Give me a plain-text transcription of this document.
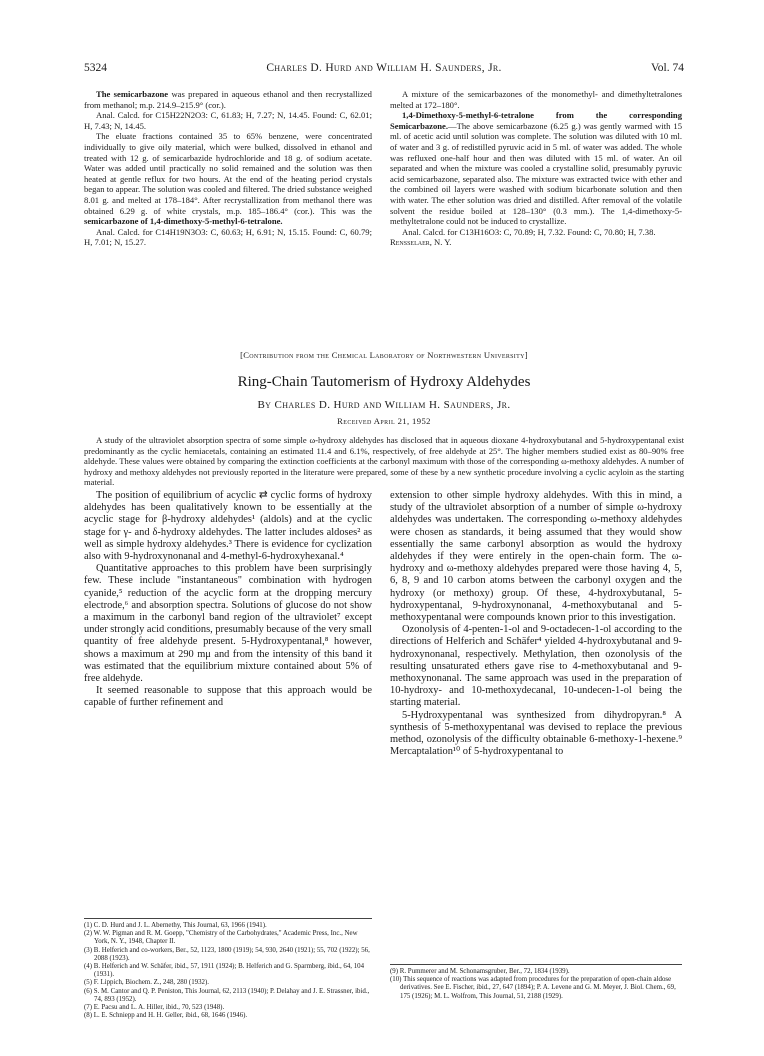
5324	Charles D. Hurd and William H. Saunders, Jr.	Vol. 74

The semicarbazone was prepared in aqueous ethanol and then recrystallized from methanol; m.p. 214.9–215.9° (cor.).

Anal. Calcd. for C15H22N2O3: C, 61.83; H, 7.27; N, 14.45. Found: C, 62.01; H, 7.43; N, 14.45.

The eluate fractions contained 35 to 65% benzene, were concentrated individually to give oily material, which were bulked, dissolved in ethanol and treated with 12 g. of semicarbazide hydrochloride and 18 g. of sodium acetate. Water was added until practically no solid remained and the solution was then heated at gentle reflux for two hours. At the end of the heating period crystals began to appear. The solution was cooled and filtered. The dried substance weighed 8.01 g. and melted at 178–184°. After recrystallization from methanol there was obtained 6.29 g. of white crystals, m.p. 185–186.4° (cor.). This was the semicarbazone of 1,4-dimethoxy-5-methyl-6-tetralone.

Anal. Calcd. for C14H19N3O3: C, 60.63; H, 6.91; N, 15.15. Found: C, 60.79; H, 7.01; N, 15.27.

A mixture of the semicarbazones of the monomethyl- and dimethyltetralones melted at 172–180°.

1,4-Dimethoxy-5-methyl-6-tetralone from the corresponding Semicarbazone.—The above semicarbazone (6.25 g.) was gently warmed with 15 ml. of acetic acid until solution was complete. The solution was diluted with 10 ml. of water and 3 g. of redistilled pyruvic acid in 5 ml. of water was added. The whole was refluxed one-half hour and then was diluted with 15 ml. of water. An oil separated and when the mixture was cooled a crystalline solid, presumably pyruvic acid semicarbazone, separated also. The mixture was extracted twice with ether and the combined oil layers were washed with sodium bicarbonate solution and then with water. The ether solution was dried and distilled. After removal of the volatile solvent the residue boiled at 128–130° (0.3 mm.). The 1,4-dimethoxy-5-methyltetralone could not be induced to crystallize.

Anal. Calcd. for C13H16O3: C, 70.89; H, 7.32. Found: C, 70.80; H, 7.38.

Rensselaer, N. Y.

[Contribution from the Chemical Laboratory of Northwestern University]
Ring-Chain Tautomerism of Hydroxy Aldehydes
By Charles D. Hurd and William H. Saunders, Jr.
Received April 21, 1952
A study of the ultraviolet absorption spectra of some simple ω-hydroxy aldehydes has disclosed that in aqueous dioxane 4-hydroxybutanal and 5-hydroxypentanal exist predominantly as the cyclic hemiacetals, containing an estimated 11.4 and 6.1%, respectively, of free aldehyde at 25°. The higher members studied exist as 80–90% free aldehyde. These values were obtained by comparing the extinction coefficients at the carbonyl maximum with those of the corresponding ω-methoxy aldehydes. A number of hydroxy and methoxy aldehydes not previously reported in the literature were prepared, some of these by a new synthetic procedure involving a cyclic acyloin as the starting material.

The position of equilibrium of acyclic ⇄ cyclic forms of hydroxy aldehydes has been qualitatively known to be essentially at the acyclic stage for β-hydroxy aldehydes¹ (aldols) and at the cyclic stage for γ- and δ-hydroxy aldehydes. The latter includes aldoses² as well as simple hydroxy aldehydes.³ There is evidence for cyclization also with 9-hydroxynonanal and 4-methyl-6-hydroxyhexanal.⁴

Quantitative approaches to this problem have been surprisingly few. These include "instantaneous" combination with hydrogen cyanide,⁵ reduction of the acyclic form at the dropping mercury electrode,⁶ and absorption spectra. Solutions of glucose do not show a maximum in the carbonyl band region of the ultraviolet⁷ except under strongly acid conditions, presumably because of the very small quantity of free aldehyde present. 5-Hydroxypentanal,⁸ however, shows a maximum at 290 mμ and from the intensity of this band it was estimated that the equilibrium mixture contained about 5% of free aldehyde.

It seemed reasonable to suppose that this approach would be capable of further refinement and

extension to other simple hydroxy aldehydes. With this in mind, a study of the ultraviolet absorption of a number of simple ω-hydroxy aldehydes was undertaken. The corresponding ω-methoxy aldehydes were chosen as standards, it being assumed that they would show essentially the same carbonyl absorption as would the hydroxy aldehydes if they were entirely in the open-chain form. The ω-hydroxy and ω-methoxy aldehydes prepared were those having 4, 5, 6, 8, 9 and 10 carbon atoms between the carbonyl oxygen and the hydroxy (or methoxy) group. Of these, 4-hydroxybutanal, 5-hydroxypentanal, 9-hydroxynonanal, 4-methoxybutanal and 5-methoxypentanal were compounds known prior to this investigation.

Ozonolysis of 4-penten-1-ol and 9-octadecen-1-ol according to the directions of Helferich and Schäfer⁴ yielded 4-hydroxybutanal and 9-hydroxynonanal, respectively. Methylation, then ozonolysis of the resulting unsaturated ethers gave rise to 4-methoxybutanal and 9-methoxynonanal. The same approach was used in the preparation of 10-hydroxy- and 10-methoxydecanal, 10-undecen-1-ol being the starting material.

5-Hydroxypentanal was synthesized from dihydropyran.⁸ A synthesis of 5-methoxypentanal was devised to replace the previous method, ozonolysis of the difficulty obtainable 6-methoxy-1-hexene.⁹ Mercaptalation¹⁰ of 5-hydroxypentanal to

(1) C. D. Hurd and J. L. Abernethy, This Journal, 63, 1966 (1941).
(2) W. W. Pigman and R. M. Goepp, "Chemistry of the Carbohydrates," Academic Press, Inc., New York, N. Y., 1948, Chapter II.
(3) B. Helferich and co-workers, Ber., 52, 1123, 1800 (1919); 54, 930, 2640 (1921); 55, 702 (1922); 56, 2088 (1923).
(4) B. Helferich and W. Schäfer, ibid., 57, 1911 (1924); B. Helferich and G. Sparmberg, ibid., 64, 104 (1931).
(5) F. Lippich, Biochem. Z., 248, 280 (1932).
(6) S. M. Cantor and Q. P. Peniston, This Journal, 62, 2113 (1940); P. Delahay and J. E. Strassner, ibid., 74, 893 (1952).
(7) E. Pacsu and L. A. Hiller, ibid., 70, 523 (1948).
(8) L. E. Schniepp and H. H. Geller, ibid., 68, 1646 (1946).
(9) R. Pummerer and M. Schonamsgruber, Ber., 72, 1834 (1939).
(10) This sequence of reactions was adapted from procedures for the preparation of open-chain aldose derivatives. See E. Fischer, ibid., 27, 647 (1894); P. A. Levene and G. M. Meyer, J. Biol. Chem., 69, 175 (1926); M. L. Wolfrom, This Journal, 51, 2188 (1929).
